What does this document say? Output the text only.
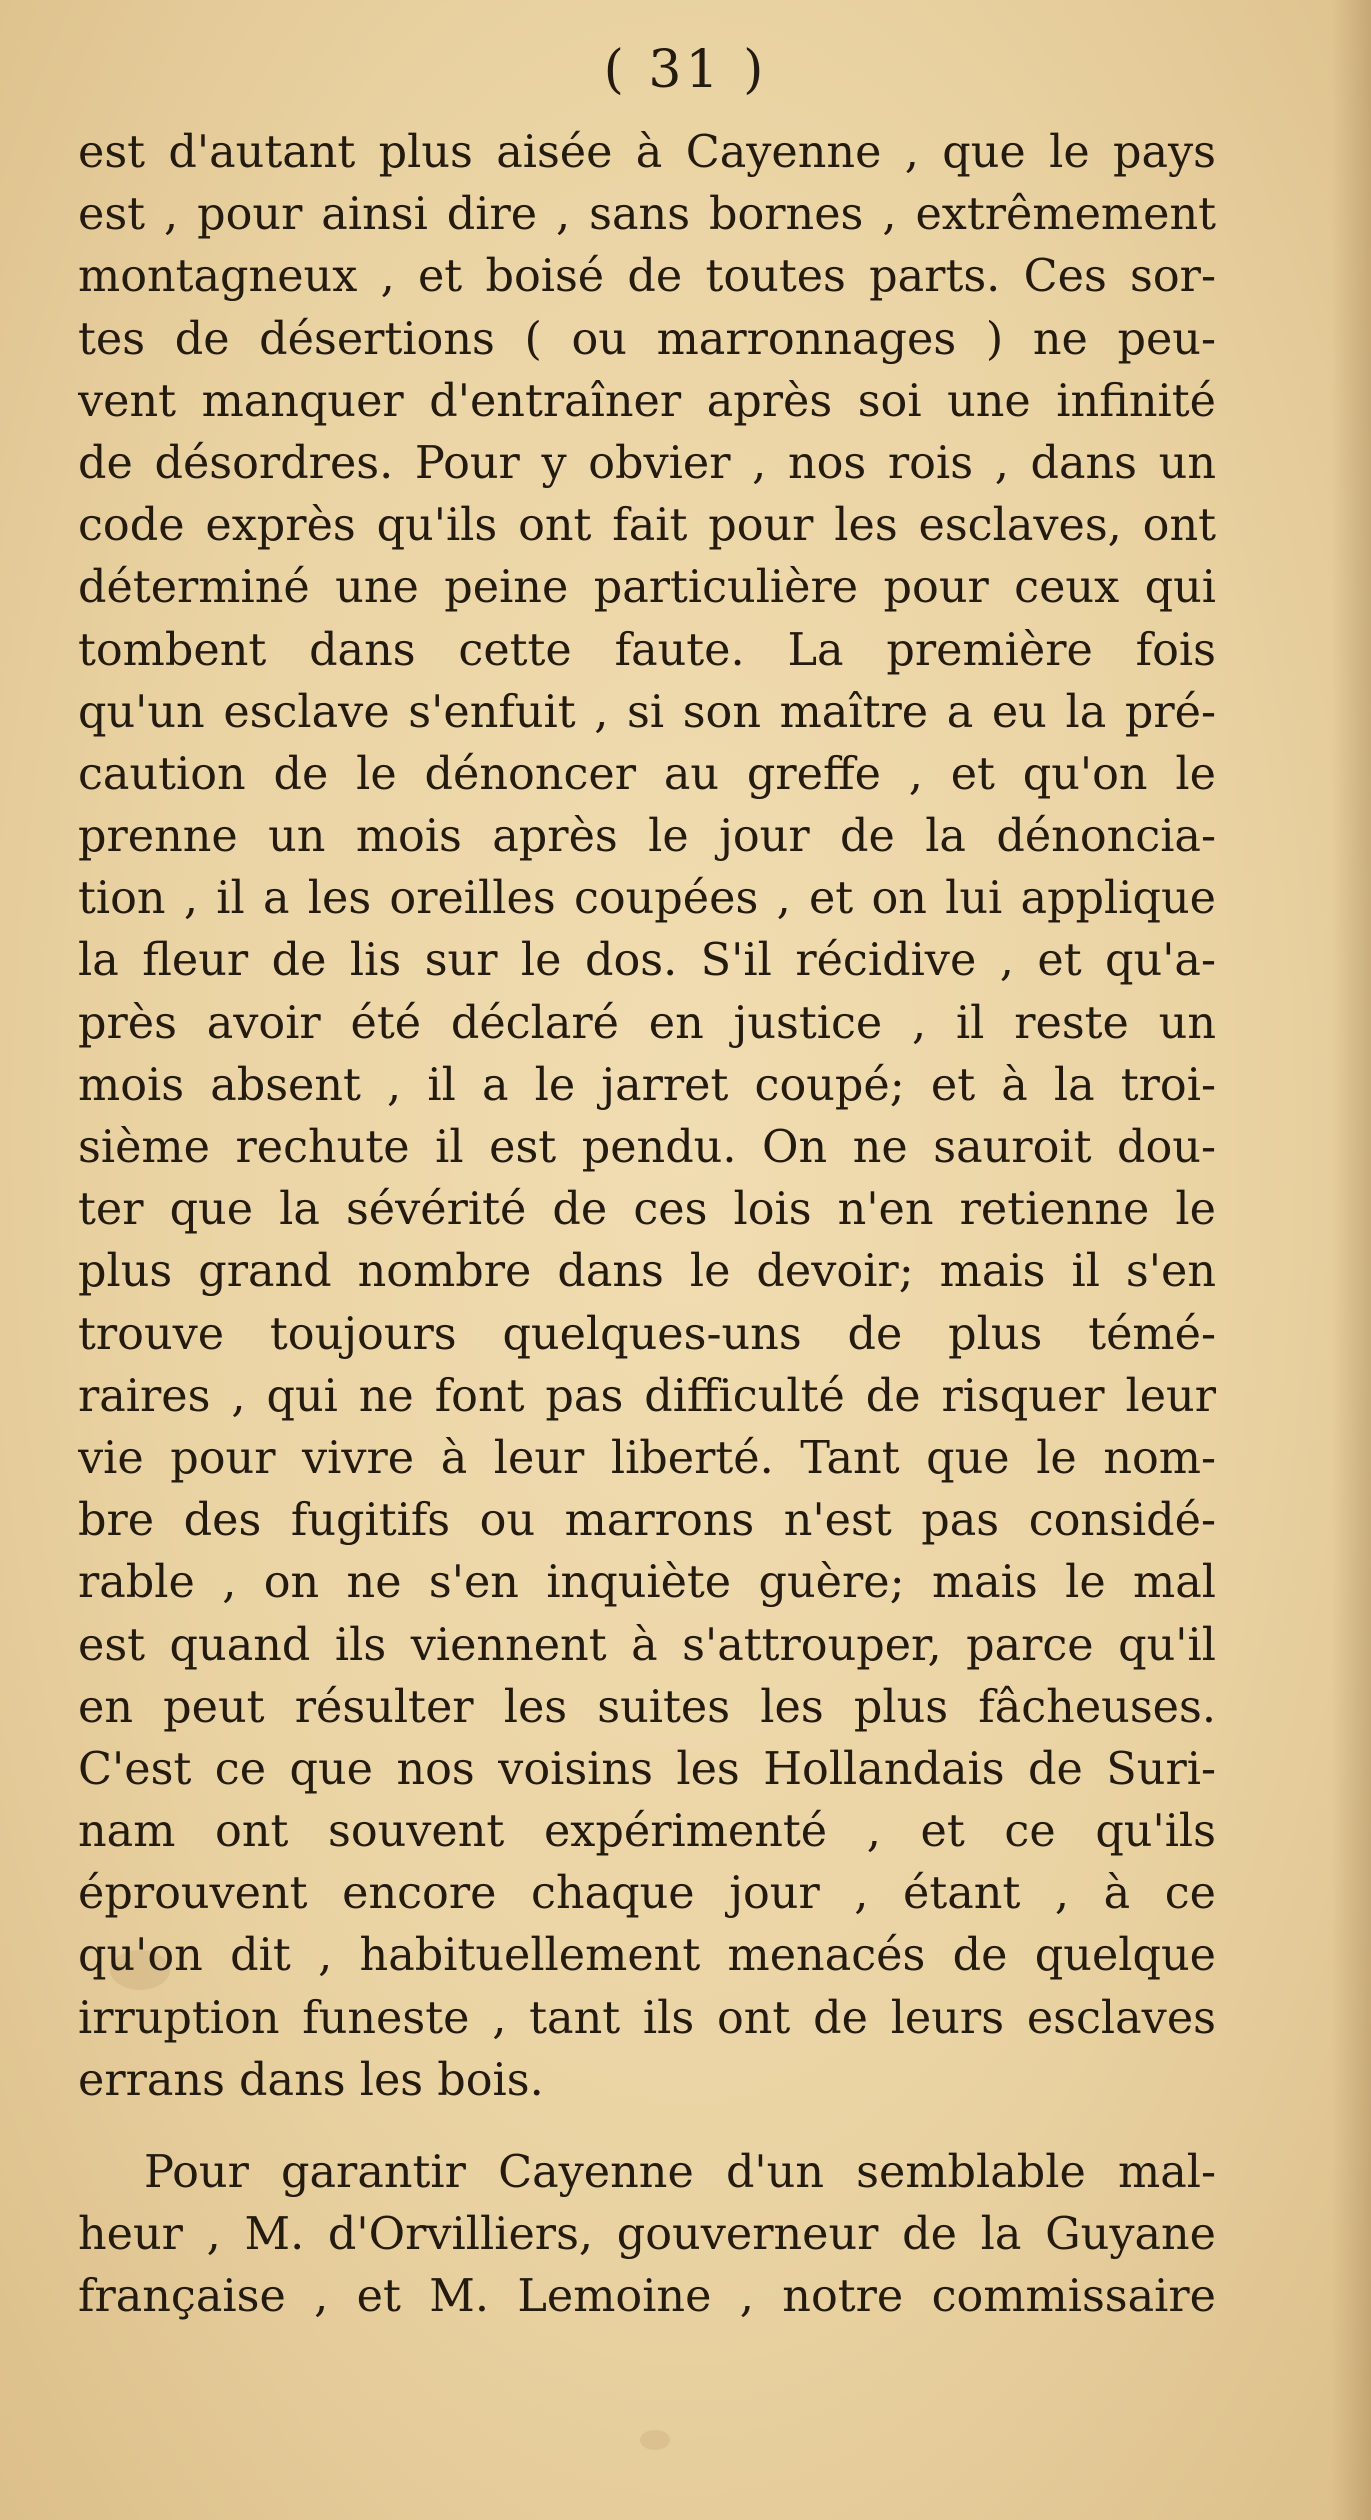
( 31 )
est d'autant plus aisée à Cayenne , que le pays
est , pour ainsi dire , sans bornes , extrêmement
montagneux , et boisé de toutes parts. Ces sor-
tes de désertions ( ou marronnages ) ne peu-
vent manquer d'entraîner après soi une infinité
de désordres. Pour y obvier , nos rois , dans un
code exprès qu'ils ont fait pour les esclaves, ont
déterminé une peine particulière pour ceux qui
tombent dans cette faute. La première fois
qu'un esclave s'enfuit , si son maître a eu la pré-
caution de le dénoncer au greffe , et qu'on le
prenne un mois après le jour de la dénoncia-
tion , il a les oreilles coupées , et on lui applique
la fleur de lis sur le dos. S'il récidive , et qu'a-
près avoir été déclaré en justice , il reste un
mois absent , il a le jarret coupé; et à la troi-
sième rechute il est pendu. On ne sauroit dou-
ter que la sévérité de ces lois n'en retienne le
plus grand nombre dans le devoir; mais il s'en
trouve toujours quelques-uns de plus témé-
raires , qui ne font pas difficulté de risquer leur
vie pour vivre à leur liberté. Tant que le nom-
bre des fugitifs ou marrons n'est pas considé-
rable , on ne s'en inquiète guère; mais le mal
est quand ils viennent à s'attrouper, parce qu'il
en peut résulter les suites les plus fâcheuses.
C'est ce que nos voisins les Hollandais de Suri-
nam ont souvent expérimenté , et ce qu'ils
éprouvent encore chaque jour , étant , à ce
qu'on dit , habituellement menacés de quelque
irruption funeste , tant ils ont de leurs esclaves
errans dans les bois.
Pour garantir Cayenne d'un semblable mal-
heur , M. d'Orvilliers, gouverneur de la Guyane
française , et M. Lemoine , notre commissaire
